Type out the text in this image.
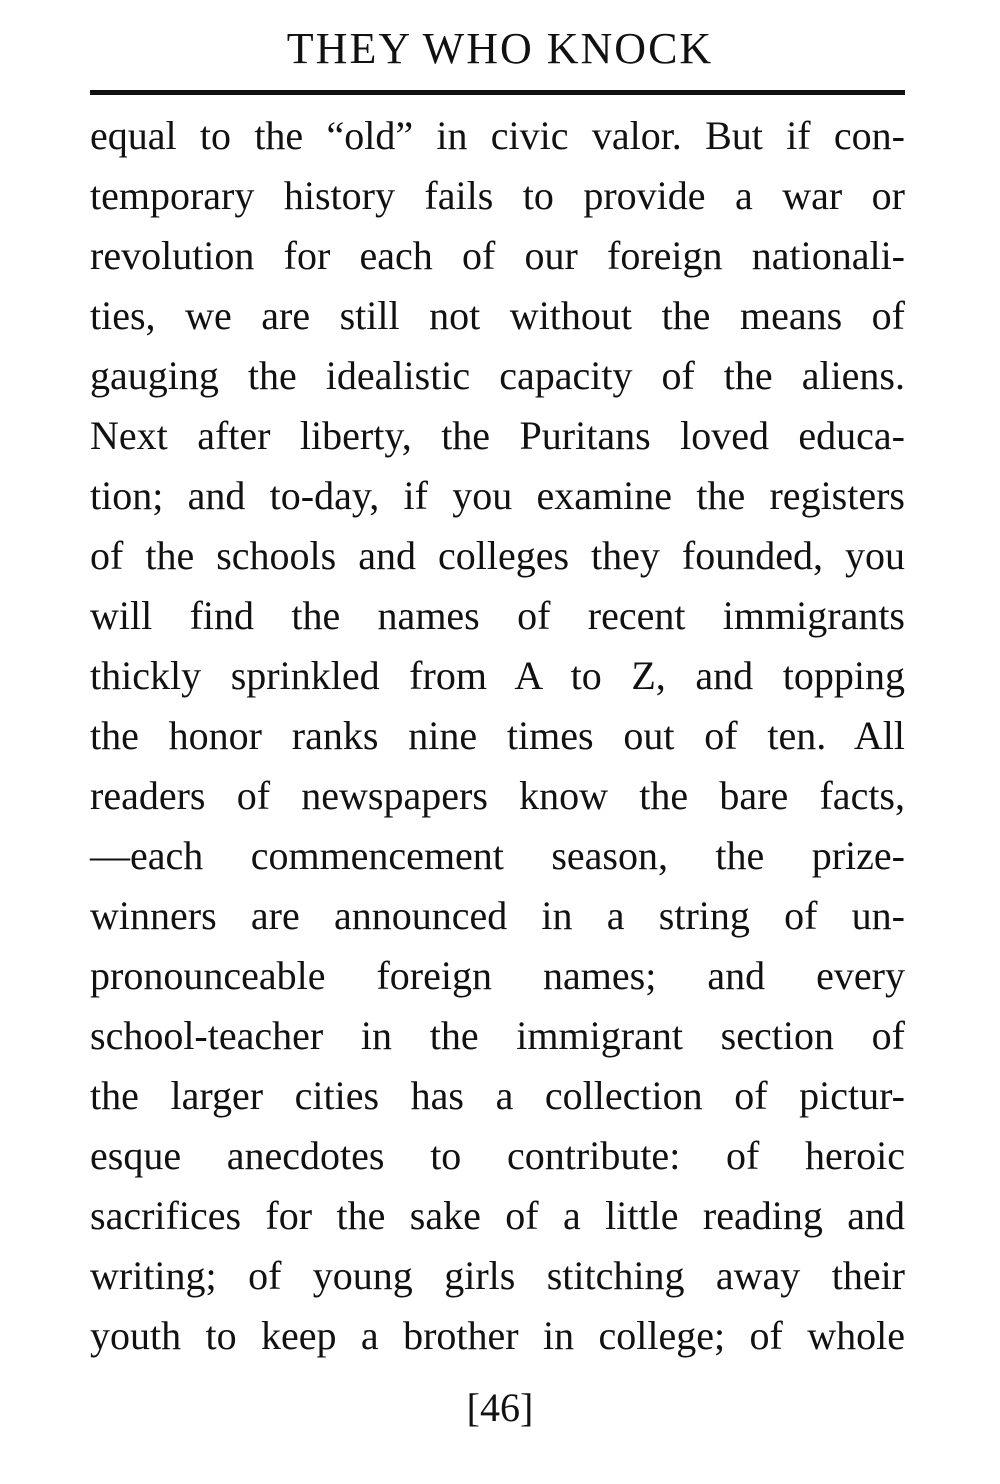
THEY WHO KNOCK
equal to the “old” in civic valor. But if con-
temporary history fails to provide a war or
revolution for each of our foreign nationali-
ties, we are still not without the means of
gauging the idealistic capacity of the aliens.
Next after liberty, the Puritans loved educa-
tion; and to-day, if you examine the registers
of the schools and colleges they founded, you
will find the names of recent immigrants
thickly sprinkled from A to Z, and topping
the honor ranks nine times out of ten. All
readers of newspapers know the bare facts,
—each commencement season, the prize-
winners are announced in a string of un-
pronounceable foreign names; and every
school-teacher in the immigrant section of
the larger cities has a collection of pictur-
esque anecdotes to contribute: of heroic
sacrifices for the sake of a little reading and
writing; of young girls stitching away their
youth to keep a brother in college; of whole
[46]
